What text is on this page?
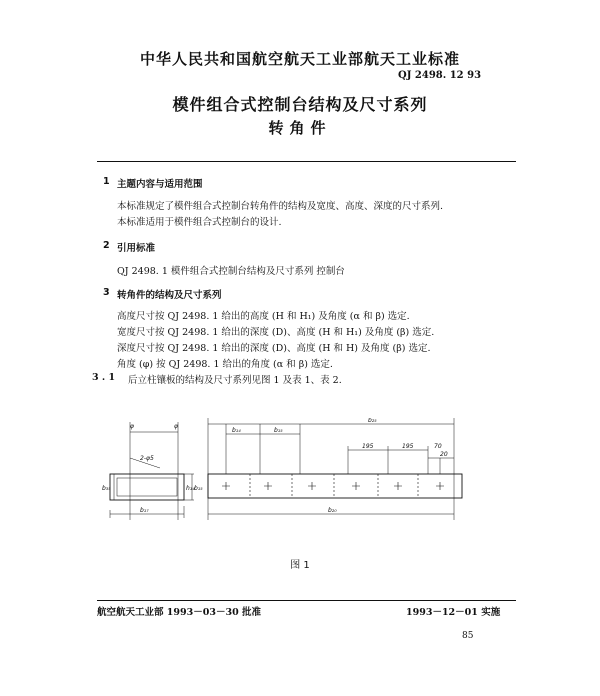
中华人民共和国航空航天工业部航天工业标准
QJ 2498. 12 93
模件组合式控制台结构及尺寸系列
转角件
1 主题内容与适用范围
本标准规定了模件组合式控制台转角件的结构及宽度、高度、深度的尺寸系列.
本标准适用于模件组合式控制台的设计.
2 引用标准
QJ 2498. 1 模件组合式控制台结构及尺寸系列 控制台
3 转角件的结构及尺寸系列
高度尺寸按 QJ 2498. 1 给出的高度 (H 和 H₁) 及角度 (α 和 β) 选定.
宽度尺寸按 QJ 2498. 1 给出的深度 (D)、高度 (H 和 H₁) 及角度 (β) 选定.
深度尺寸按 QJ 2498. 1 给出的深度 (D)、高度 (H 和 H) 及角度 (β) 选定.
角度 (φ) 按 QJ 2498. 1 给出的角度 (α 和 β) 选定.
3 . 1 后立柱镶板的结构及尺寸系列见图 1 及表 1、表 2.
φ	φ
2-φ5
b₃₅	h₁₄ b₁₅
b₁₇
b₁₄	b₁₅
b₂₅
195	195	70
20
b₂₀
图 1
航空航天工业部 1993－03－30 批准	1993－12－01 实施
85
